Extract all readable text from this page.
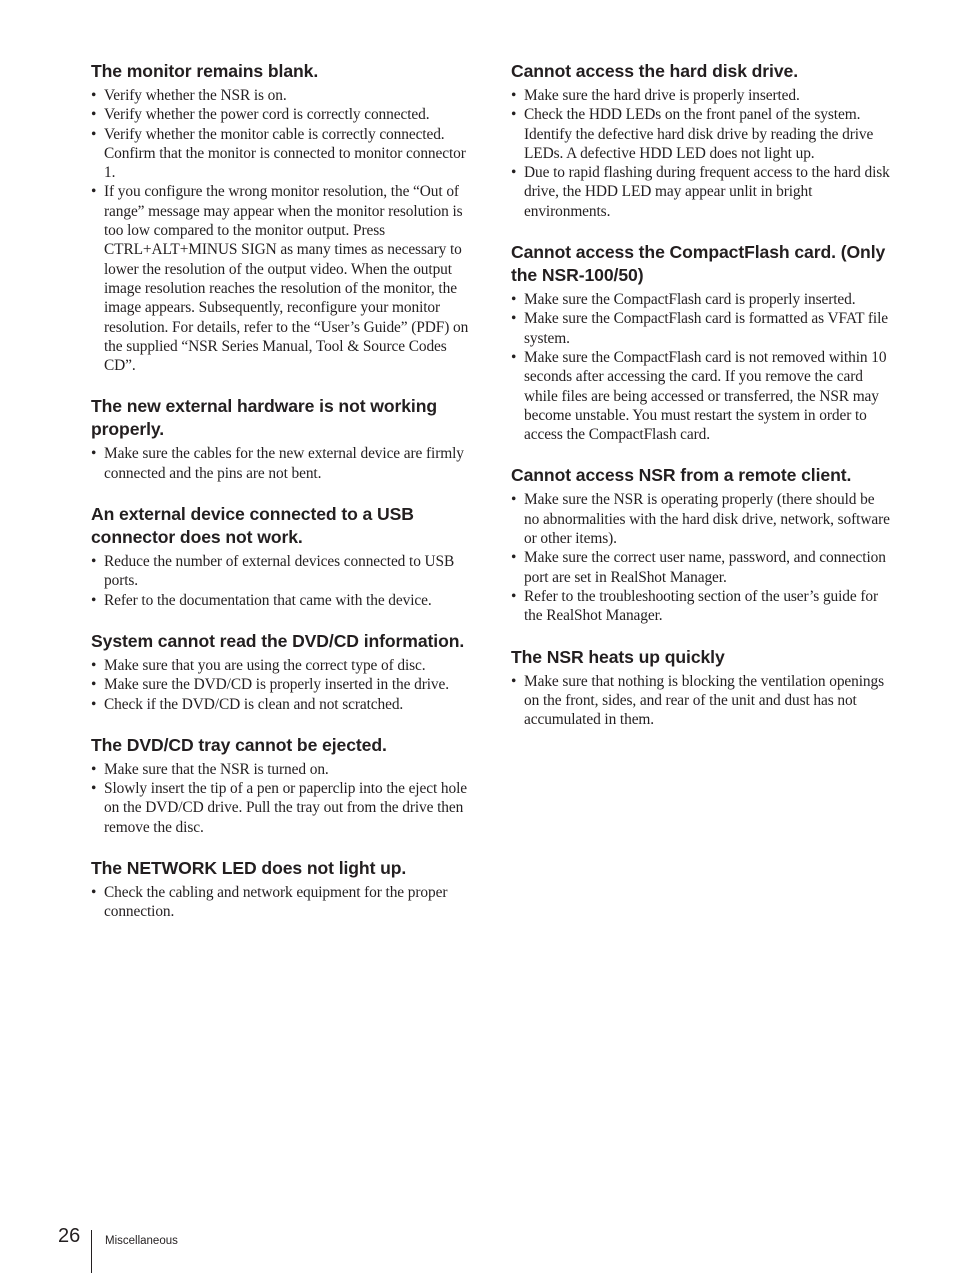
The monitor remains blank.
• Verify whether the NSR is on.
• Verify whether the power cord is correctly connected.
• Verify whether the monitor cable is correctly connected. Confirm that the monitor is connected to monitor connector 1.
• If you configure the wrong monitor resolution, the “Out of range” message may appear when the monitor resolution is too low compared to the monitor output. Press CTRL+ALT+MINUS SIGN as many times as necessary to lower the resolution of the output video. When the output image resolution reaches the resolution of the monitor, the image appears. Subsequently, reconfigure your monitor resolution. For details, refer to the “User’s Guide” (PDF) on the supplied “NSR Series Manual, Tool & Source Codes CD”.
The new external hardware is not working properly.
• Make sure the cables for the new external device are firmly connected and the pins are not bent.
An external device connected to a USB connector does not work.
• Reduce the number of external devices connected to USB ports.
• Refer to the documentation that came with the device.
System cannot read the DVD/CD information.
• Make sure that you are using the correct type of disc.
• Make sure the DVD/CD is properly inserted in the drive.
• Check if the DVD/CD is clean and not scratched.
The DVD/CD tray cannot be ejected.
• Make sure that the NSR is turned on.
• Slowly insert the tip of a pen or paperclip into the eject hole on the DVD/CD drive. Pull the tray out from the drive then remove the disc.
The NETWORK LED does not light up.
• Check the cabling and network equipment for the proper connection.
Cannot access the hard disk drive.
• Make sure the hard drive is properly inserted.
• Check the HDD LEDs on the front panel of the system. Identify the defective hard disk drive by reading the drive LEDs. A defective HDD LED does not light up.
• Due to rapid flashing during frequent access to the hard disk drive, the HDD LED may appear unlit in bright environments.
Cannot access the CompactFlash card. (Only the NSR-100/50)
• Make sure the CompactFlash card is properly inserted.
• Make sure the CompactFlash card is formatted as VFAT file system.
• Make sure the CompactFlash card is not removed within 10 seconds after accessing the card. If you remove the card while files are being accessed or transferred, the NSR may become unstable. You must restart the system in order to access the CompactFlash card.
Cannot access NSR from a remote client.
• Make sure the NSR is operating properly (there should be no abnormalities with the hard disk drive, network, software or other items).
• Make sure the correct user name, password, and connection port are set in RealShot Manager.
• Refer to the troubleshooting section of the user’s guide for the RealShot Manager.
The NSR heats up quickly
• Make sure that nothing is blocking the ventilation openings on the front, sides, and rear of the unit and dust has not accumulated in them.
26 Miscellaneous
